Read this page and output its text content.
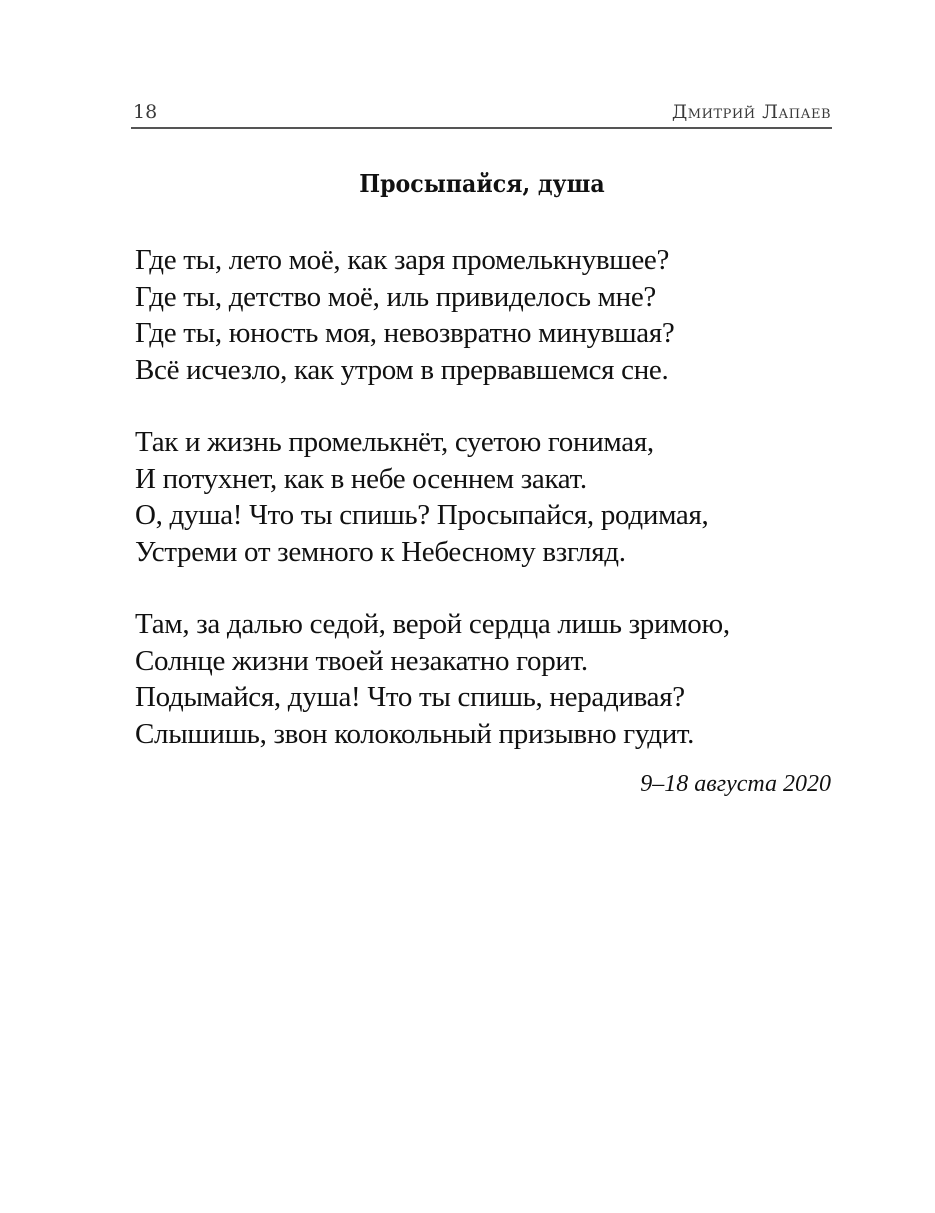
18	Дмитрий Лапаев
Просыпайся, душа
Где ты, лето моё, как заря промелькнувшее?
Где ты, детство моё, иль привиделось мне?
Где ты, юность моя, невозвратно минувшая?
Всё исчезло, как утром в прервавшемся сне.
Так и жизнь промелькнёт, суетою гонимая,
И потухнет, как в небе осеннем закат.
О, душа! Что ты спишь? Просыпайся, родимая,
Устреми от земного к Небесному взгляд.
Там, за далью седой, верой сердца лишь зримою,
Солнце жизни твоей незакатно горит.
Подымайся, душа! Что ты спишь, нерадивая?
Слышишь, звон колокольный призывно гудит.
9–18 августа 2020
